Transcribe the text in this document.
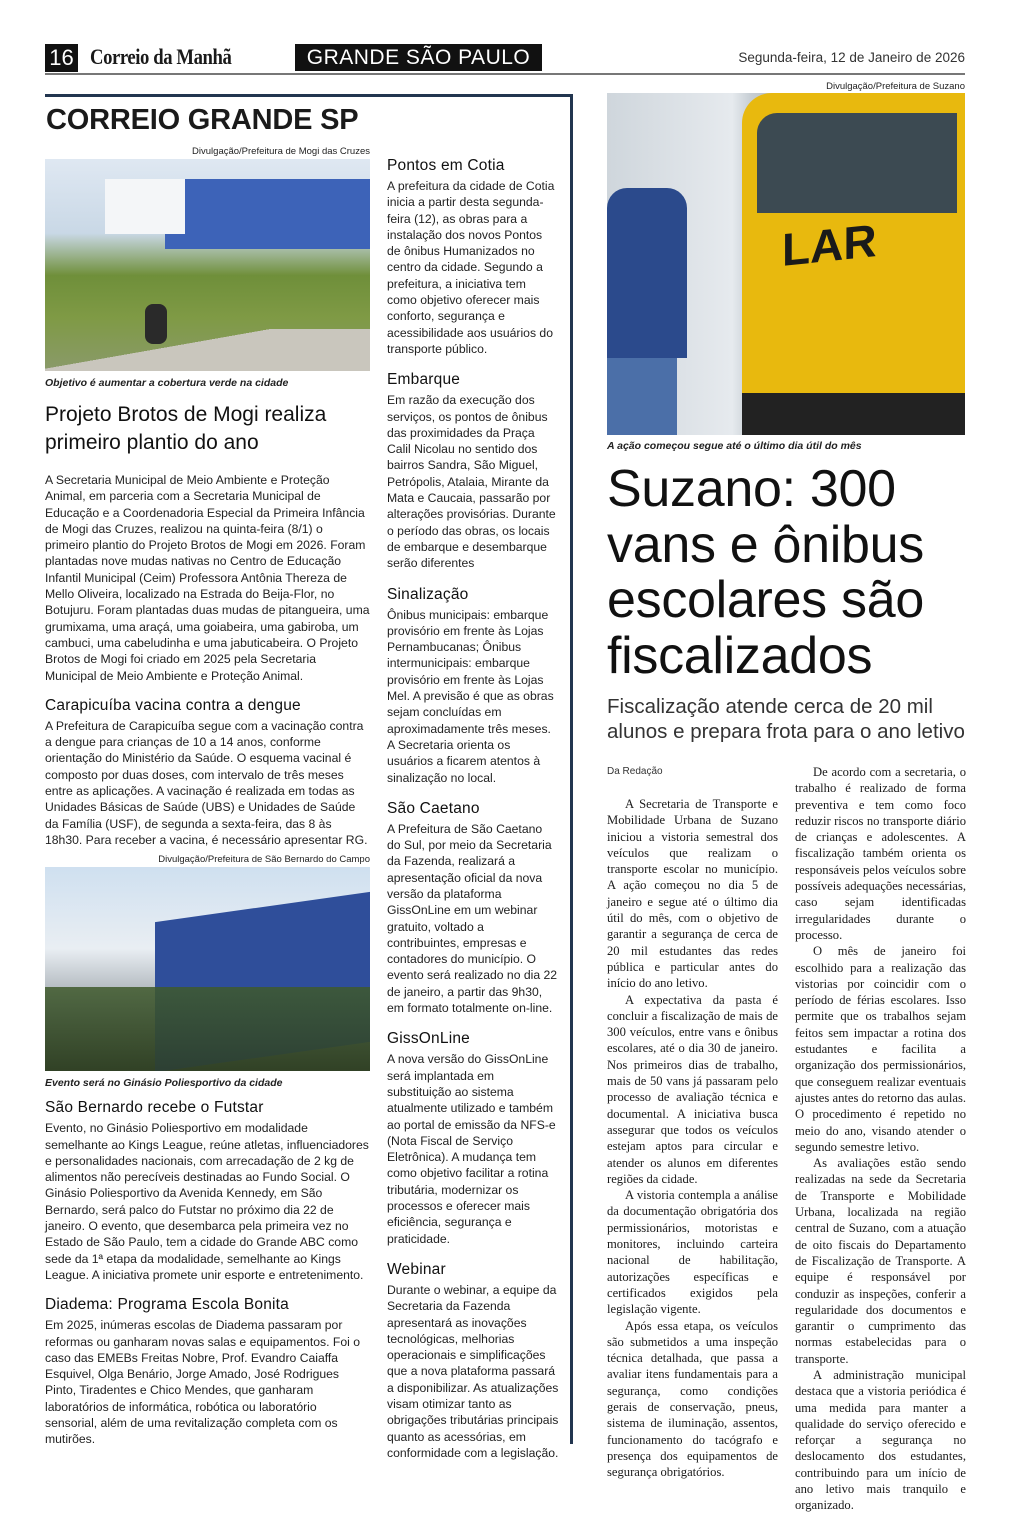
16 Correio da Manhã	GRANDE SÃO PAULO	Segunda-feira, 12 de Janeiro de 2026
CORREIO GRANDE SP
Divulgação/Prefeitura de Mogi das Cruzes
Objetivo é aumentar a cobertura verde na cidade
Projeto Brotos de Mogi realiza primeiro plantio do ano

A Secretaria Municipal de Meio Ambiente e Proteção Animal, em parceria com a Secretaria Municipal de Educação e a Coordenadoria Especial da Primeira Infância de Mogi das Cruzes, realizou na quinta-feira (8/1) o primeiro plantio do Projeto Brotos de Mogi em 2026. Foram plantadas nove mudas nativas no Centro de Educação Infantil Municipal (Ceim) Professora Antônia Thereza de Mello Oliveira, localizado na Estrada do Beija-Flor, no Botujuru. Foram plantadas duas mudas de pitangueira, uma grumixama, uma araçá, uma goiabeira, uma gabiroba, um cambuci, uma cabeludinha e uma jabuticabeira. O Projeto Brotos de Mogi foi criado em 2025 pela Secretaria Municipal de Meio Ambiente e Proteção Animal.

Carapicuíba vacina contra a dengue

A Prefeitura de Carapicuíba segue com a vacinação contra a dengue para crianças de 10 a 14 anos, conforme orientação do Ministério da Saúde. O esquema vacinal é composto por duas doses, com intervalo de três meses entre as aplicações. A vacinação é realizada em todas as Unidades Básicas de Saúde (UBS) e Unidades de Saúde da Família (USF), de segunda a sexta-feira, das 8 às 18h30. Para receber a vacina, é necessário apresentar RG.

Divulgação/Prefeitura de São Bernardo do Campo
Evento será no Ginásio Poliesportivo da cidade
São Bernardo recebe o Futstar

Evento, no Ginásio Poliesportivo em modalidade semelhante ao Kings League, reúne atletas, influenciadores e personalidades nacionais, com arrecadação de 2 kg de alimentos não perecíveis destinadas ao Fundo Social. O Ginásio Poliesportivo da Avenida Kennedy, em São Bernardo, será palco do Futstar no próximo dia 22 de janeiro. O evento, que desembarca pela primeira vez no Estado de São Paulo, tem a cidade do Grande ABC como sede da 1ª etapa da modalidade, semelhante ao Kings League. A iniciativa promete unir esporte e entretenimento.

Diadema: Programa Escola Bonita

Em 2025, inúmeras escolas de Diadema passaram por reformas ou ganharam novas salas e equipamentos. Foi o caso das EMEBs Freitas Nobre, Prof. Evandro Caiaffa Esquivel, Olga Benário, Jorge Amado, José Rodrigues Pinto, Tiradentes e Chico Mendes, que ganharam laboratórios de informática, robótica ou laboratório sensorial, além de uma revitalização completa com os mutirões.

Pontos em Cotia

A prefeitura da cidade de Cotia inicia a partir desta segunda-feira (12), as obras para a instalação dos novos Pontos de ônibus Humanizados no centro da cidade. Segundo a prefeitura, a iniciativa tem como objetivo oferecer mais conforto, segurança e acessibilidade aos usuários do transporte público.

Embarque

Em razão da execução dos serviços, os pontos de ônibus das proximidades da Praça Calil Nicolau no sentido dos bairros Sandra, São Miguel, Petrópolis, Atalaia, Mirante da Mata e Caucaia, passarão por alterações provisórias. Durante o período das obras, os locais de embarque e desembarque serão diferentes

Sinalização

Ônibus municipais: embarque provisório em frente às Lojas Pernambucanas; Ônibus intermunicipais: embarque provisório em frente às Lojas Mel. A previsão é que as obras sejam concluídas em aproximadamente três meses. A Secretaria orienta os usuários a ficarem atentos à sinalização no local.

São Caetano

A Prefeitura de São Caetano do Sul, por meio da Secretaria da Fazenda, realizará a apresentação oficial da nova versão da plataforma GissOnLine em um webinar gratuito, voltado a contribuintes, empresas e contadores do município. O evento será realizado no dia 22 de janeiro, a partir das 9h30, em formato totalmente on-line.

GissOnLine

A nova versão do GissOnLine será implantada em substituição ao sistema atualmente utilizado e também ao portal de emissão da NFS-e (Nota Fiscal de Serviço Eletrônica). A mudança tem como objetivo facilitar a rotina tributária, modernizar os processos e oferecer mais eficiência, segurança e praticidade.

Webinar

Durante o webinar, a equipe da Secretaria da Fazenda apresentará as inovações tecnológicas, melhorias operacionais e simplificações que a nova plataforma passará a disponibilizar. As atualizações visam otimizar tanto as obrigações tributárias principais quanto as acessórias, em conformidade com a legislação.

Divulgação/Prefeitura de Suzano
LAR
A ação começou segue até o último dia útil do mês
Suzano: 300 vans e ônibus escolares são fiscalizados
Fiscalização atende cerca de 20 mil alunos e prepara frota para o ano letivo
Da Redação

A Secretaria de Transporte e Mobilidade Urbana de Suzano iniciou a vistoria semestral dos veículos que realizam o transporte escolar no município. A ação começou no dia 5 de janeiro e segue até o último dia útil do mês, com o objetivo de garantir a segurança de cerca de 20 mil estudantes das redes pública e particular antes do início do ano letivo.

A expectativa da pasta é concluir a fiscalização de mais de 300 veículos, entre vans e ônibus escolares, até o dia 30 de janeiro. Nos primeiros dias de trabalho, mais de 50 vans já passaram pelo processo de avaliação técnica e documental. A iniciativa busca assegurar que todos os veículos estejam aptos para circular e atender os alunos em diferentes regiões da cidade.

A vistoria contempla a análise da documentação obrigatória dos permissionários, motoristas e monitores, incluindo carteira nacional de habilitação, autorizações específicas e certificados exigidos pela legislação vigente.

Após essa etapa, os veículos são submetidos a uma inspeção técnica detalhada, que passa a avaliar itens fundamentais para a segurança, como condições gerais de conservação, pneus, sistema de iluminação, assentos, funcionamento do tacógrafo e presença dos equipamentos de segurança obrigatórios.

De acordo com a secretaria, o trabalho é realizado de forma preventiva e tem como foco reduzir riscos no transporte diário de crianças e adolescentes. A fiscalização também orienta os responsáveis pelos veículos sobre possíveis adequações necessárias, caso sejam identificadas irregularidades durante o processo.

O mês de janeiro foi escolhido para a realização das vistorias por coincidir com o período de férias escolares. Isso permite que os trabalhos sejam feitos sem impactar a rotina dos estudantes e facilita a organização dos permissionários, que conseguem realizar eventuais ajustes antes do retorno das aulas. O procedimento é repetido no meio do ano, visando atender o segundo semestre letivo.

As avaliações estão sendo realizadas na sede da Secretaria de Transporte e Mobilidade Urbana, localizada na região central de Suzano, com a atuação de oito fiscais do Departamento de Fiscalização de Transporte. A equipe é responsável por conduzir as inspeções, conferir a regularidade dos documentos e garantir o cumprimento das normas estabelecidas para o transporte.

A administração municipal destaca que a vistoria periódica é uma medida para manter a qualidade do serviço oferecido e reforçar a segurança no deslocamento dos estudantes, contribuindo para um início de ano letivo mais tranquilo e organizado.
